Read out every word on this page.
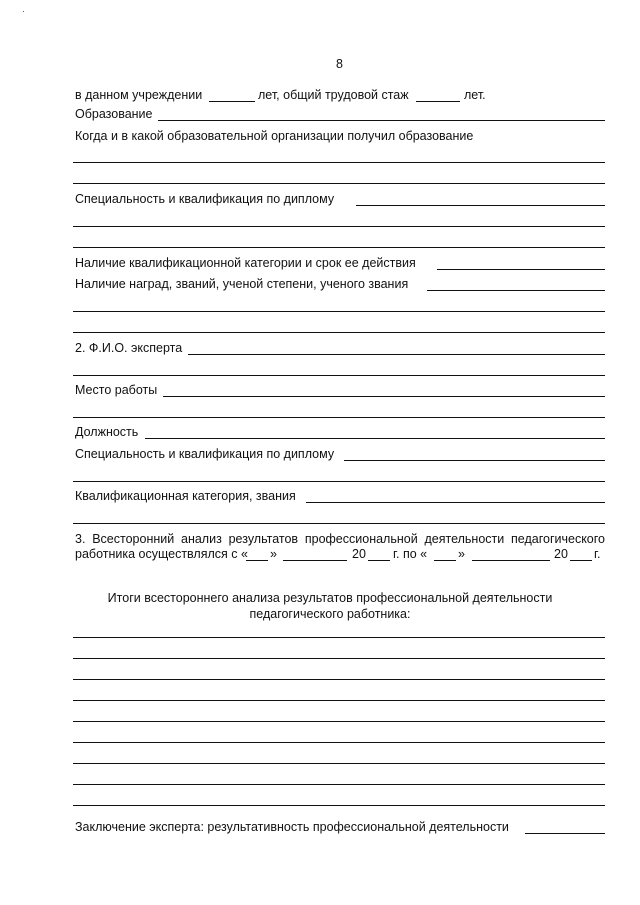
8
в данном учреждении	лет, общий трудовой стаж	лет.
Образование
Когда и в какой образовательной организации получил образование
Специальность и квалификация по диплому
Наличие квалификационной категории и срок ее действия
Наличие наград, званий, ученой степени, ученого звания
2. Ф.И.О. эксперта
Место работы
Должность
Специальность и квалификация по диплому
Квалификационная категория, звания
3. Всесторонний анализ результатов профессиональной деятельности педагогического
работника осуществлялся с « »	20 г. по « »	20 г.
Итоги всестороннего анализа результатов профессиональной деятельности
педагогического работника:
Заключение эксперта: результативность профессиональной деятельности
